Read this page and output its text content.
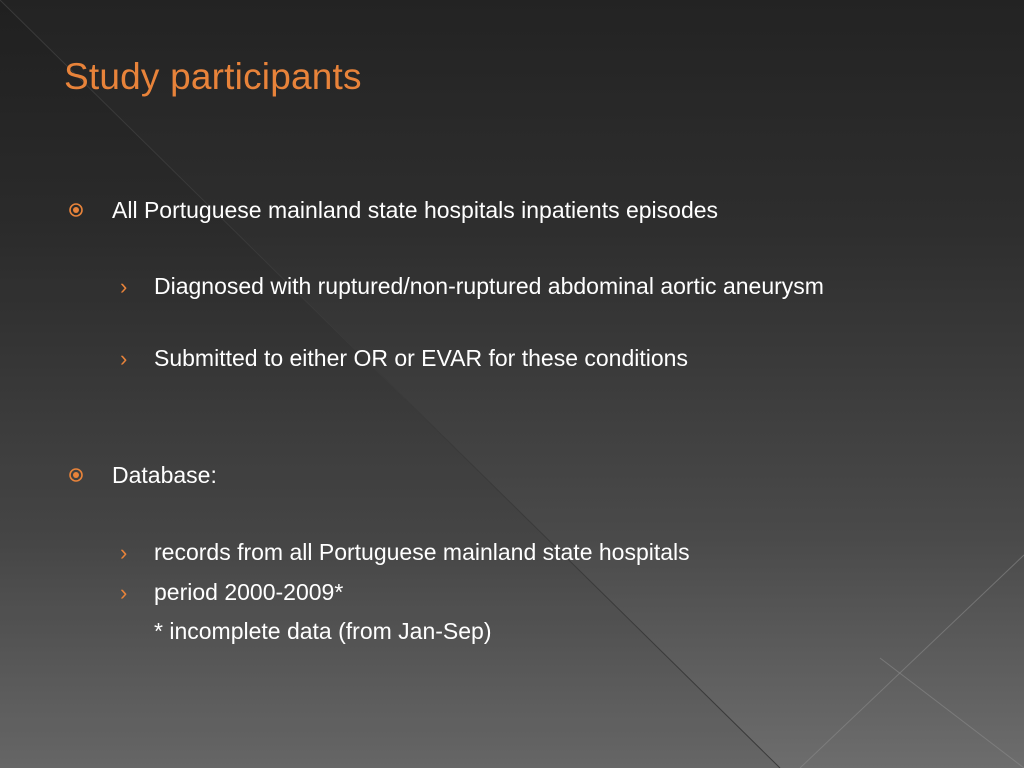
Study participants
All Portuguese mainland state hospitals inpatients episodes
› Diagnosed with ruptured/non-ruptured abdominal aortic aneurysm
› Submitted to either OR or EVAR for these conditions
Database:
› records from all Portuguese mainland state hospitals
› period 2000-2009*
* incomplete data (from Jan-Sep)
